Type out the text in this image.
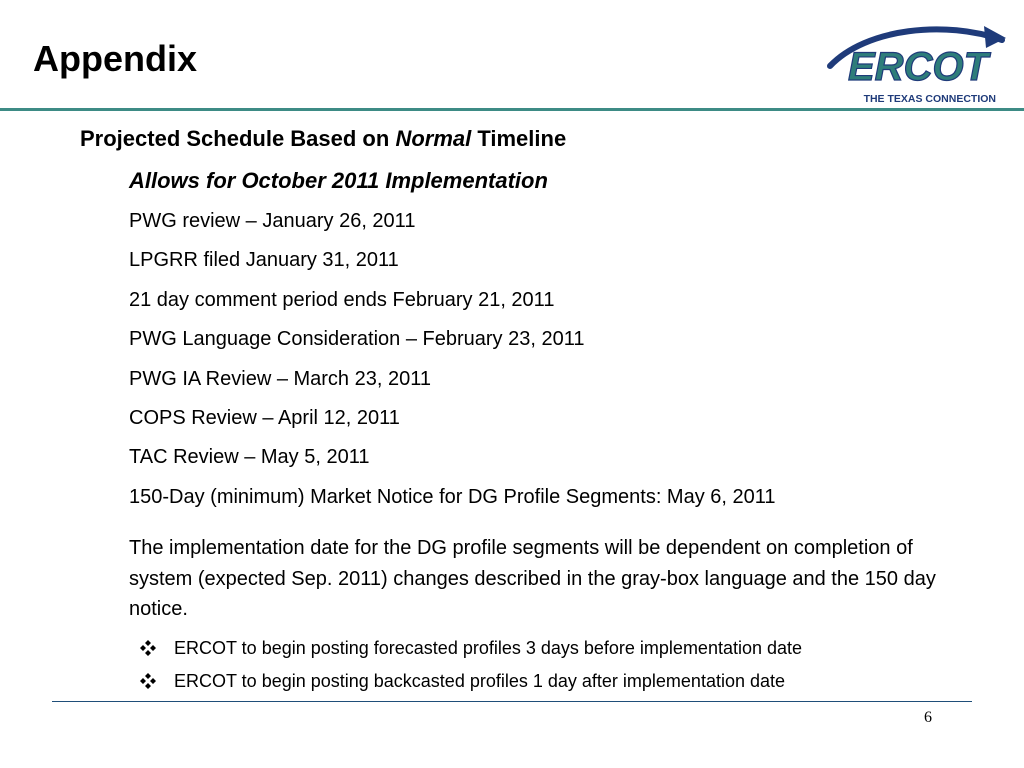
Appendix	ERCOT
THE TEXAS CONNECTION
Projected Schedule Based on Normal Timeline
Allows for October 2011 Implementation
PWG review – January 26, 2011
LPGRR filed January 31, 2011
21 day comment period ends February 21, 2011
PWG Language Consideration – February 23, 2011
PWG IA Review – March 23, 2011
COPS Review – April 12, 2011
TAC Review – May 5, 2011
150-Day (minimum) Market Notice for DG Profile Segments: May 6, 2011
The implementation date for the DG profile segments will be dependent on completion of system (expected Sep. 2011) changes described in the gray-box language and the 150 day notice.
ERCOT to begin posting forecasted profiles 3 days before implementation date
ERCOT to begin posting backcasted profiles 1 day after implementation date
6
